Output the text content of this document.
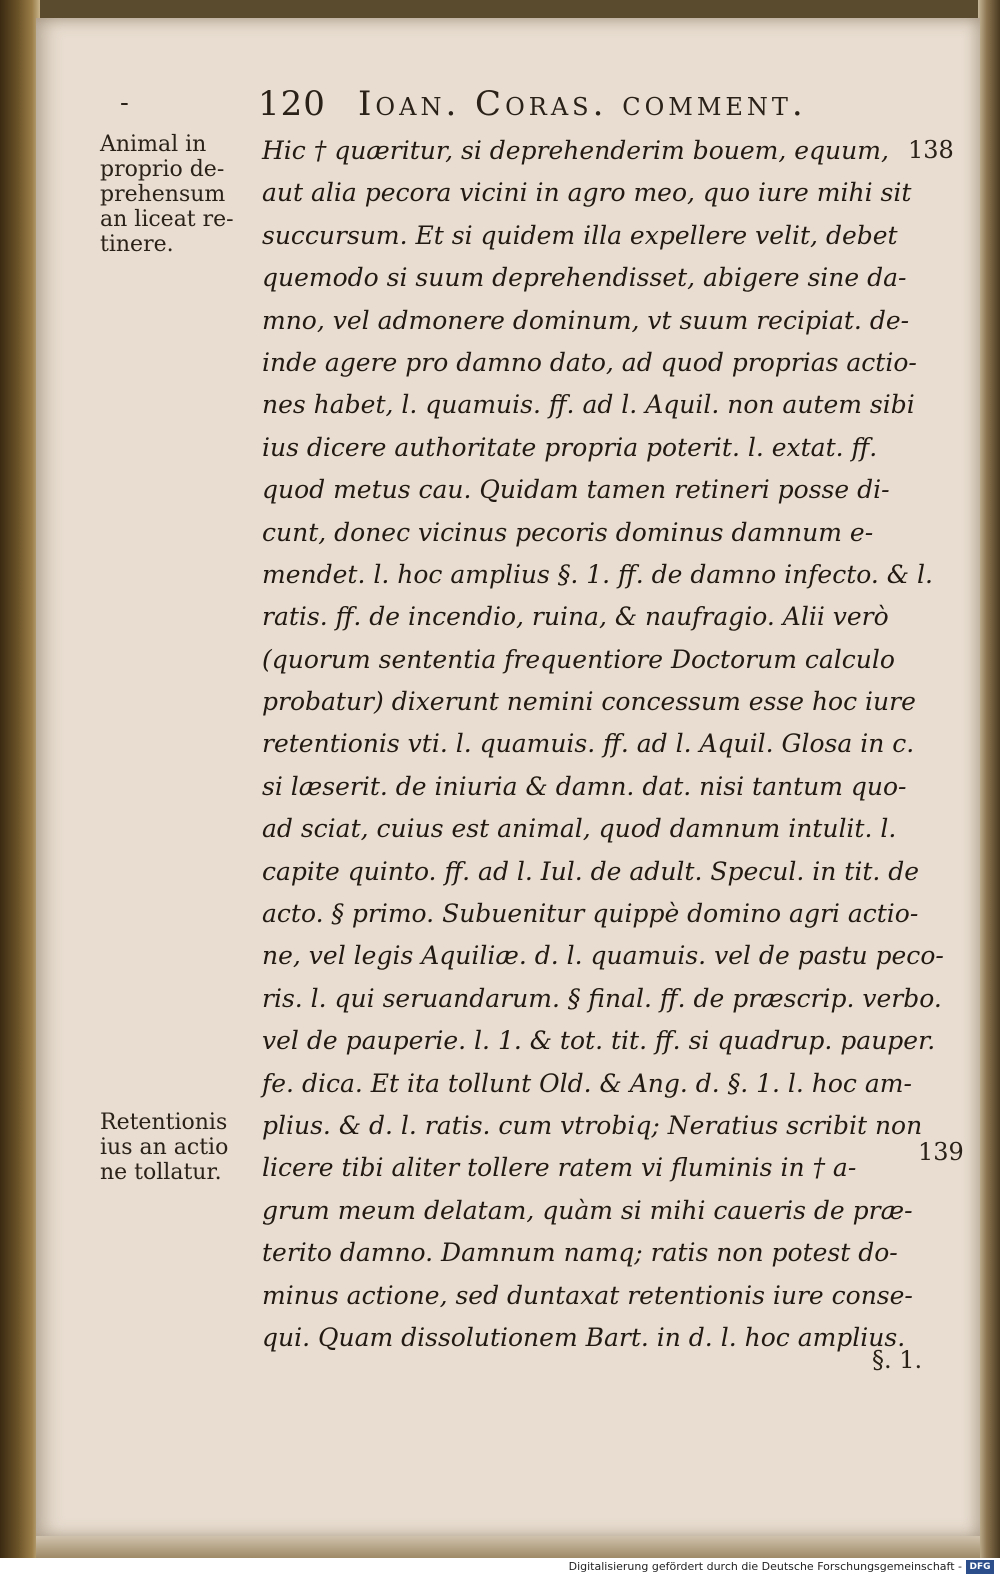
-	120 Ioan. Coras. comment.
Animal in
proprio de-
prehensum
an liceat re-
tinere.
Retentionis
ius an actio
ne tollatur.
138
139
Hic † quæritur, si deprehenderim bouem, equum,
aut alia pecora vicini in agro meo, quo iure mihi sit
succursum. Et si quidem illa expellere velit, debet
quemodo si suum deprehendisset, abigere sine da-
mno, vel admonere dominum, vt suum recipiat. de-
inde agere pro damno dato, ad quod proprias actio-
nes habet, l. quamuis. ff. ad l. Aquil. non autem sibi
ius dicere authoritate propria poterit. l. extat. ff.
quod metus cau. Quidam tamen retineri posse di-
cunt, donec vicinus pecoris dominus damnum e-
mendet. l. hoc amplius §. 1. ff. de damno infecto. & l.
ratis. ff. de incendio, ruina, & naufragio. Alii verò
(quorum sententia frequentiore Doctorum calculo
probatur) dixerunt nemini concessum esse hoc iure
retentionis vti. l. quamuis. ff. ad l. Aquil. Glosa in c.
si læserit. de iniuria & damn. dat. nisi tantum quo-
ad sciat, cuius est animal, quod damnum intulit. l.
capite quinto. ff. ad l. Iul. de adult. Specul. in tit. de
acto. § primo. Subuenitur quippè domino agri actio-
ne, vel legis Aquiliæ. d. l. quamuis. vel de pastu peco-
ris. l. qui seruandarum. § final. ff. de præscrip. verbo.
vel de pauperie. l. 1. & tot. tit. ff. si quadrup. pauper.
fe. dica. Et ita tollunt Old. & Ang. d. §. 1. l. hoc am-
plius. & d. l. ratis. cum vtrobiq; Neratius scribit non
licere tibi aliter tollere ratem vi fluminis in † a-
grum meum delatam, quàm si mihi caueris de præ-
terito damno. Damnum namq; ratis non potest do-
minus actione, sed duntaxat retentionis iure conse-
qui. Quam dissolutionem Bart. in d. l. hoc amplius.
§. 1.
Digitalisierung gefördert durch die Deutsche Forschungsgemeinschaft - DFG
